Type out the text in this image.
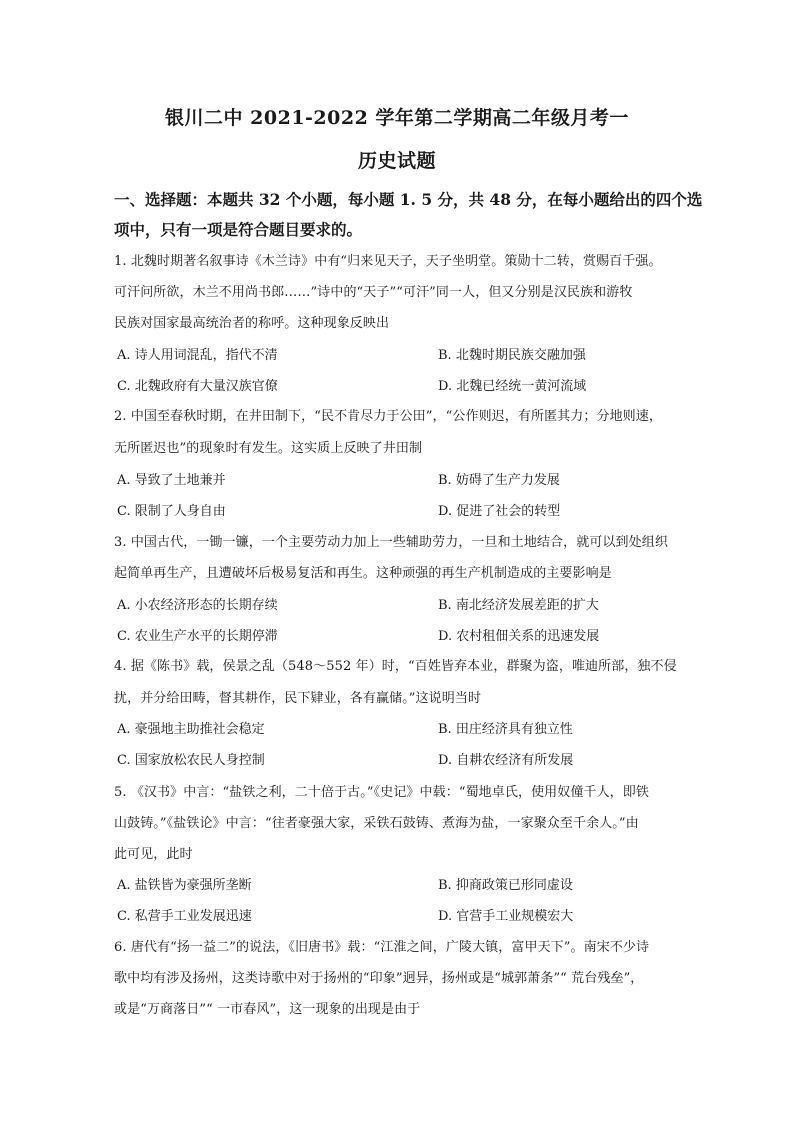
银川二中 2021-2022 学年第二学期高二年级月考一
历史试题
一、选择题：本题共 32 个小题，每小题 1. 5 分，共 48 分，在每小题给出的四个选
项中，只有一项是符合题目要求的。
1. 北魏时期著名叙事诗《木兰诗》中有“归来见天子，天子坐明堂。策勋十二转，赏赐百千强。
可汗问所欲，木兰不用尚书郎……”诗中的“天子”“可汗”同一人，但又分别是汉民族和游牧
民族对国家最高统治者的称呼。这种现象反映出
A. 诗人用词混乱，指代不清	B. 北魏时期民族交融加强
C. 北魏政府有大量汉族官僚	D. 北魏已经统一黄河流域
2. 中国至春秋时期，在井田制下，“民不肯尽力于公田”，“公作则迟，有所匿其力；分地则速，
无所匿迟也”的现象时有发生。这实质上反映了井田制
A. 导致了土地兼并	B. 妨碍了生产力发展
C. 限制了人身自由	D. 促进了社会的转型
3. 中国古代，一锄一镰，一个主要劳动力加上一些辅助劳力，一旦和土地结合，就可以到处组织
起简单再生产，且遭破坏后极易复活和再生。这种顽强的再生产机制造成的主要影响是
A. 小农经济形态的长期存续	B. 南北经济发展差距的扩大
C. 农业生产水平的长期停滞	D. 农村租佃关系的迅速发展
4. 据《陈书》载，侯景之乱（548～552 年）时，“百姓皆弃本业，群聚为盗，唯迪所部，独不侵
扰，并分给田畴，督其耕作，民下肄业，各有赢储。”这说明当时
A. 豪强地主助推社会稳定	B. 田庄经济具有独立性
C. 国家放松农民人身控制	D. 自耕农经济有所发展
5. 《汉书》中言：“盐铁之利，二十倍于古。”《史记》中载：“蜀地卓氏，使用奴僮千人，即铁
山鼓铸。”《盐铁论》中言：“往者豪强大家，采铁石鼓铸、煮海为盐，一家聚众至千余人。”由
此可见，此时
A. 盐铁皆为豪强所垄断	B. 抑商政策已形同虚设
C. 私营手工业发展迅速	D. 官营手工业规模宏大
6. 唐代有“扬一益二”的说法，《旧唐书》载：“江淮之间，广陵大镇，富甲天下”。南宋不少诗
歌中均有涉及扬州，这类诗歌中对于扬州的“印象”迥异，扬州或是“城郭萧条”“ 荒台残垒”，
或是“万商落日”“ 一市春风”，这一现象的出现是由于
